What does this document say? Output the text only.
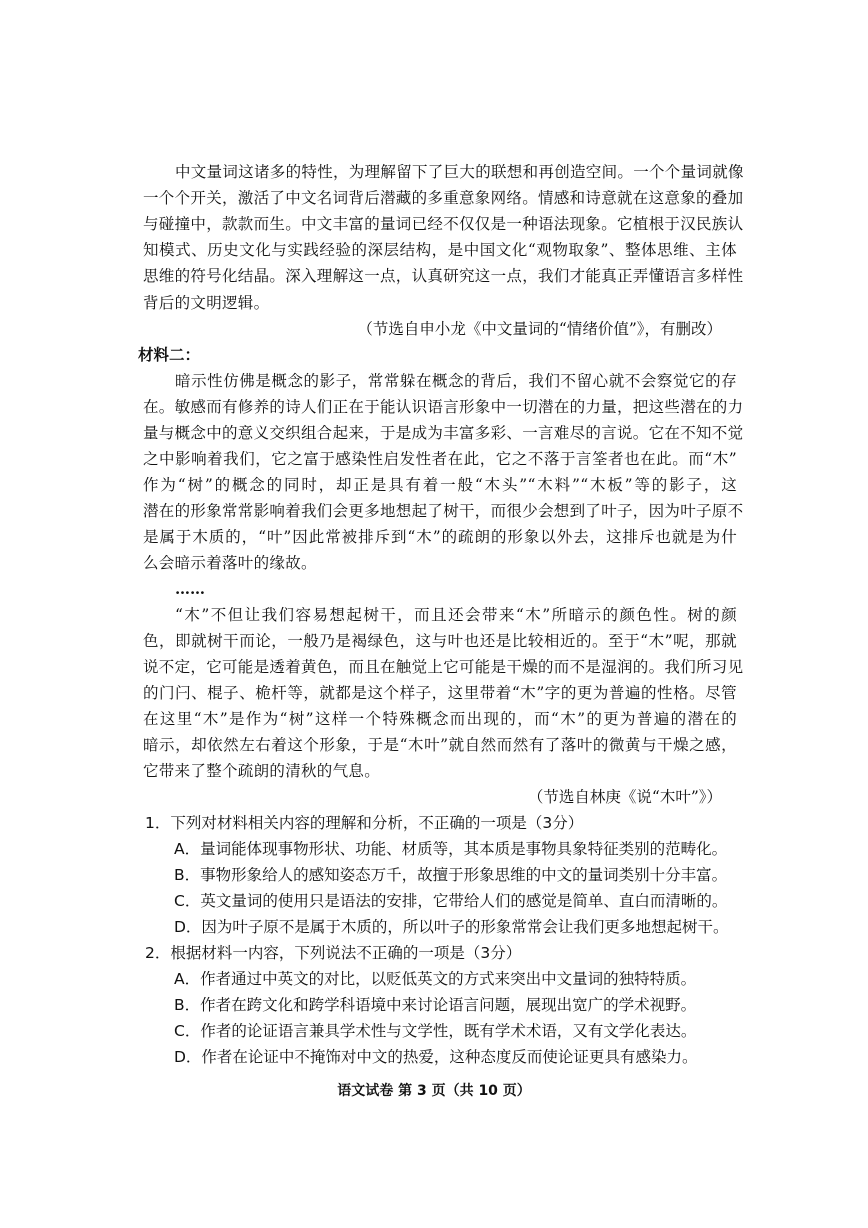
中文量词这诸多的特性，为理解留下了巨大的联想和再创造空间。一个个量词就像
一个个开关，激活了中文名词背后潜藏的多重意象网络。情感和诗意就在这意象的叠加
与碰撞中，款款而生。中文丰富的量词已经不仅仅是一种语法现象。它植根于汉民族认
知模式、历史文化与实践经验的深层结构，是中国文化“观物取象”、整体思维、主体
思维的符号化结晶。深入理解这一点，认真研究这一点，我们才能真正弄懂语言多样性
背后的文明逻辑。
（节选自申小龙《中文量词的“情绪价值”》，有删改）
材料二：
暗示性仿佛是概念的影子，常常躲在概念的背后，我们不留心就不会察觉它的存
在。敏感而有修养的诗人们正在于能认识语言形象中一切潜在的力量，把这些潜在的力
量与概念中的意义交织组合起来，于是成为丰富多彩、一言难尽的言说。它在不知不觉
之中影响着我们，它之富于感染性启发性者在此，它之不落于言筌者也在此。而“木”
作为“树”的概念的同时，却正是具有着一般“木头”“木料”“木板”等的影子，这
潜在的形象常常影响着我们会更多地想起了树干，而很少会想到了叶子，因为叶子原不
是属于木质的，“叶”因此常被排斥到“木”的疏朗的形象以外去，这排斥也就是为什
么会暗示着落叶的缘故。
……
“木”不但让我们容易想起树干，而且还会带来“木”所暗示的颜色性。树的颜
色，即就树干而论，一般乃是褐绿色，这与叶也还是比较相近的。至于“木”呢，那就
说不定，它可能是透着黄色，而且在触觉上它可能是干燥的而不是湿润的。我们所习见
的门闩、棍子、桅杆等，就都是这个样子，这里带着“木”字的更为普遍的性格。尽管
在这里“木”是作为“树”这样一个特殊概念而出现的，而“木”的更为普遍的潜在的
暗示，却依然左右着这个形象，于是“木叶”就自然而然有了落叶的微黄与干燥之感，
它带来了整个疏朗的清秋的气息。
（节选自林庚《说“木叶”》）
1．下列对材料相关内容的理解和分析，不正确的一项是（3分）
A．量词能体现事物形状、功能、材质等，其本质是事物具象特征类别的范畴化。
B．事物形象给人的感知姿态万千，故擅于形象思维的中文的量词类别十分丰富。
C．英文量词的使用只是语法的安排，它带给人们的感觉是简单、直白而清晰的。
D．因为叶子原不是属于木质的，所以叶子的形象常常会让我们更多地想起树干。
2．根据材料一内容，下列说法不正确的一项是（3分）
A．作者通过中英文的对比，以贬低英文的方式来突出中文量词的独特特质。
B．作者在跨文化和跨学科语境中来讨论语言问题，展现出宽广的学术视野。
C．作者的论证语言兼具学术性与文学性，既有学术术语，又有文学化表达。
D．作者在论证中不掩饰对中文的热爱，这种态度反而使论证更具有感染力。
语文试卷 第 3 页（共 10 页）
